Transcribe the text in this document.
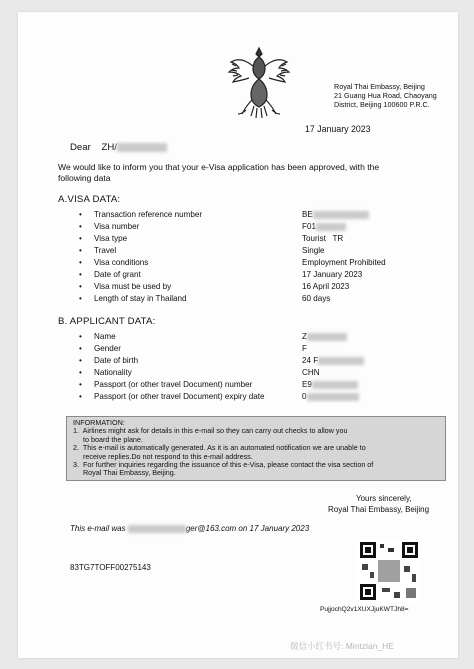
Royal Thai Embassy, Beijing
21 Guang Hua Road, Chaoyang
District, Beijing 100600 P.R.C.
17 January 2023
Dear ZH/
We would like to inform you that your e-Visa application has been approved, with the
following data
A.VISA DATA:
• Transaction reference number	BE
• Visa number	F01
• Visa type	Tourist   TR
• Travel	Single
• Visa conditions	Employment Prohibited
• Date of grant	17 January 2023
• Visa must be used by	16 April 2023
• Length of stay in Thailand	60 days
B. APPLICANT DATA:
• Name	Z
• Gender	F
• Date of birth	24 F
• Nationality	CHN
• Passport (or other travel Document) number	E9
• Passport (or other travel Document) expiry date	0
INFORMATION:
1.  Airlines might ask for details in this e-mail so they can carry out checks to allow you
to board the plane.
2.  This e-mail is automatically generated. As it is an automated notification we are unable to
receive replies.Do not respond to this e-mail address.
3.  For further inquiries regarding the issuance of this e-Visa, please contact the visa section of
Royal Thai Embassy, Beijing.
Yours sincerely,
Royal Thai Embassy, Beijing
This e-mail was	ger@163.com on 17 January 2023
83TG7TOFF00275143
PujjochQ2v1XUXJjuKWTJh8=
微信小红书号: Mintzlan_HE
